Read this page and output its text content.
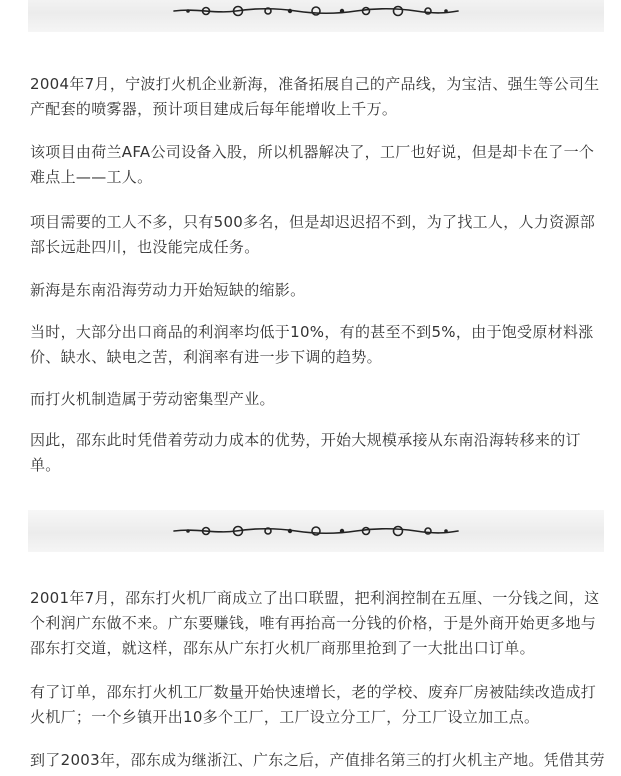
2004年7月，宁波打火机企业新海，准备拓展自己的产品线，为宝洁、强生等公司生
产配套的喷雾器，预计项目建成后每年能增收上千万。

该项目由荷兰AFA公司设备入股，所以机器解决了，工厂也好说，但是却卡在了一个
难点上——工人。

项目需要的工人不多，只有500多名，但是却迟迟招不到，为了找工人，人力资源部
部长远赴四川，也没能完成任务。

新海是东南沿海劳动力开始短缺的缩影。

当时，大部分出口商品的利润率均低于10%，有的甚至不到5%，由于饱受原材料涨
价、缺水、缺电之苦，利润率有进一步下调的趋势。

而打火机制造属于劳动密集型产业。

因此，邵东此时凭借着劳动力成本的优势，开始大规模承接从东南沿海转移来的订
单。

2001年7月，邵东打火机厂商成立了出口联盟，把利润控制在五厘、一分钱之间，这
个利润广东做不来。广东要赚钱，唯有再抬高一分钱的价格，于是外商开始更多地与
邵东打交道，就这样，邵东从广东打火机厂商那里抢到了一大批出口订单。

有了订单，邵东打火机工厂数量开始快速增长，老的学校、废弃厂房被陆续改造成打
火机厂；一个乡镇开出10多个工厂，工厂设立分工厂，分工厂设立加工点。

到了2003年，邵东成为继浙江、广东之后，产值排名第三的打火机主产地。凭借其劳
